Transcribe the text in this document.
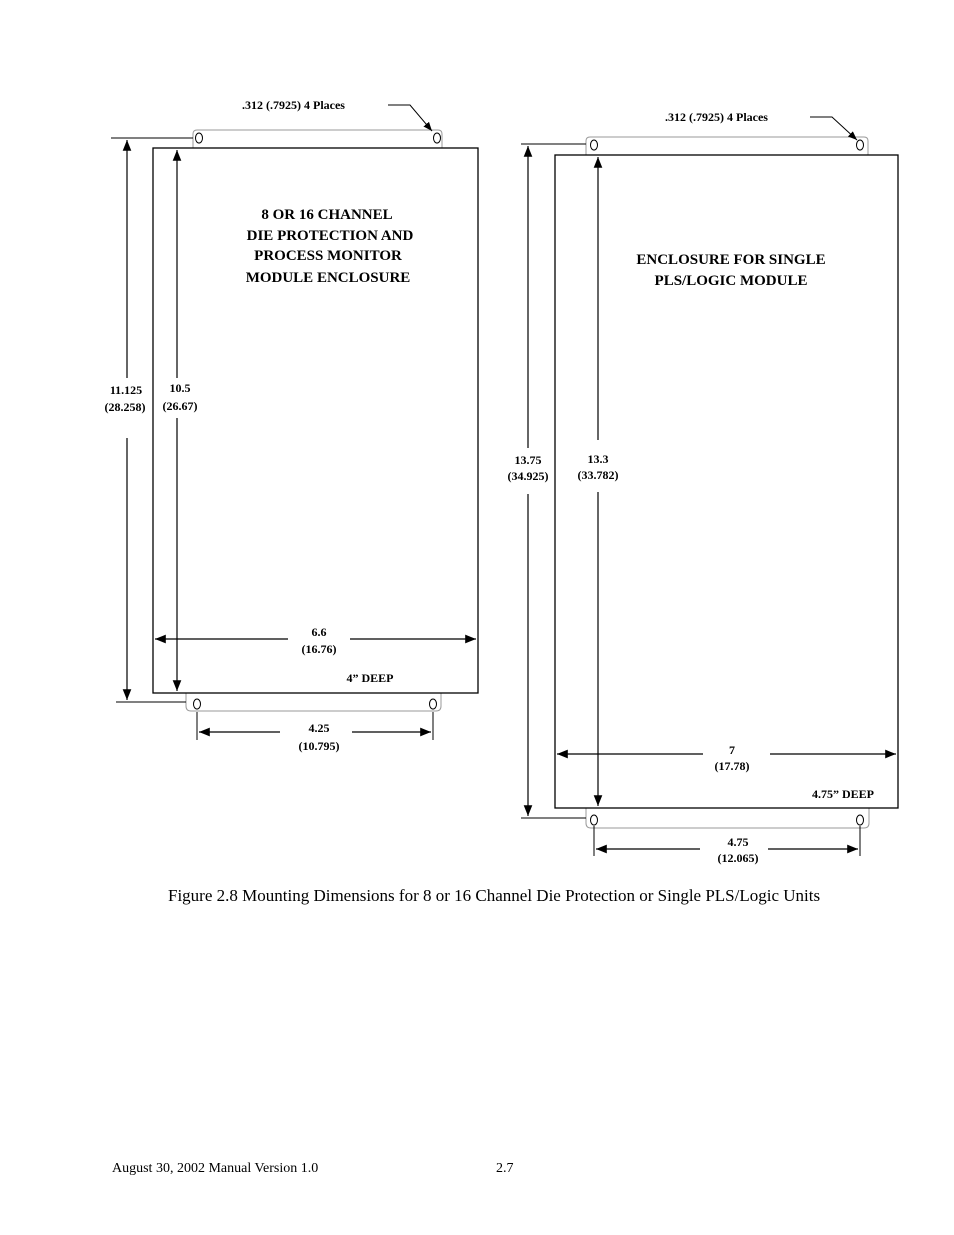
.312 (.7925) 4 Places
8 OR 16 CHANNEL
DIE PROTECTION AND
PROCESS MONITOR
MODULE ENCLOSURE
11.125
(28.258)
10.5
(26.67)
6.6
(16.76)
4” DEEP
4.25
(10.795)
.312 (.7925) 4 Places
ENCLOSURE FOR SINGLE
PLS/LOGIC MODULE
13.75
(34.925)
13.3
(33.782)
7
(17.78)
4.75” DEEP
4.75
(12.065)
Figure 2.8 Mounting Dimensions for 8 or 16 Channel Die Protection or Single PLS/Logic Units
August 30, 2002 Manual Version 1.0	2.7
